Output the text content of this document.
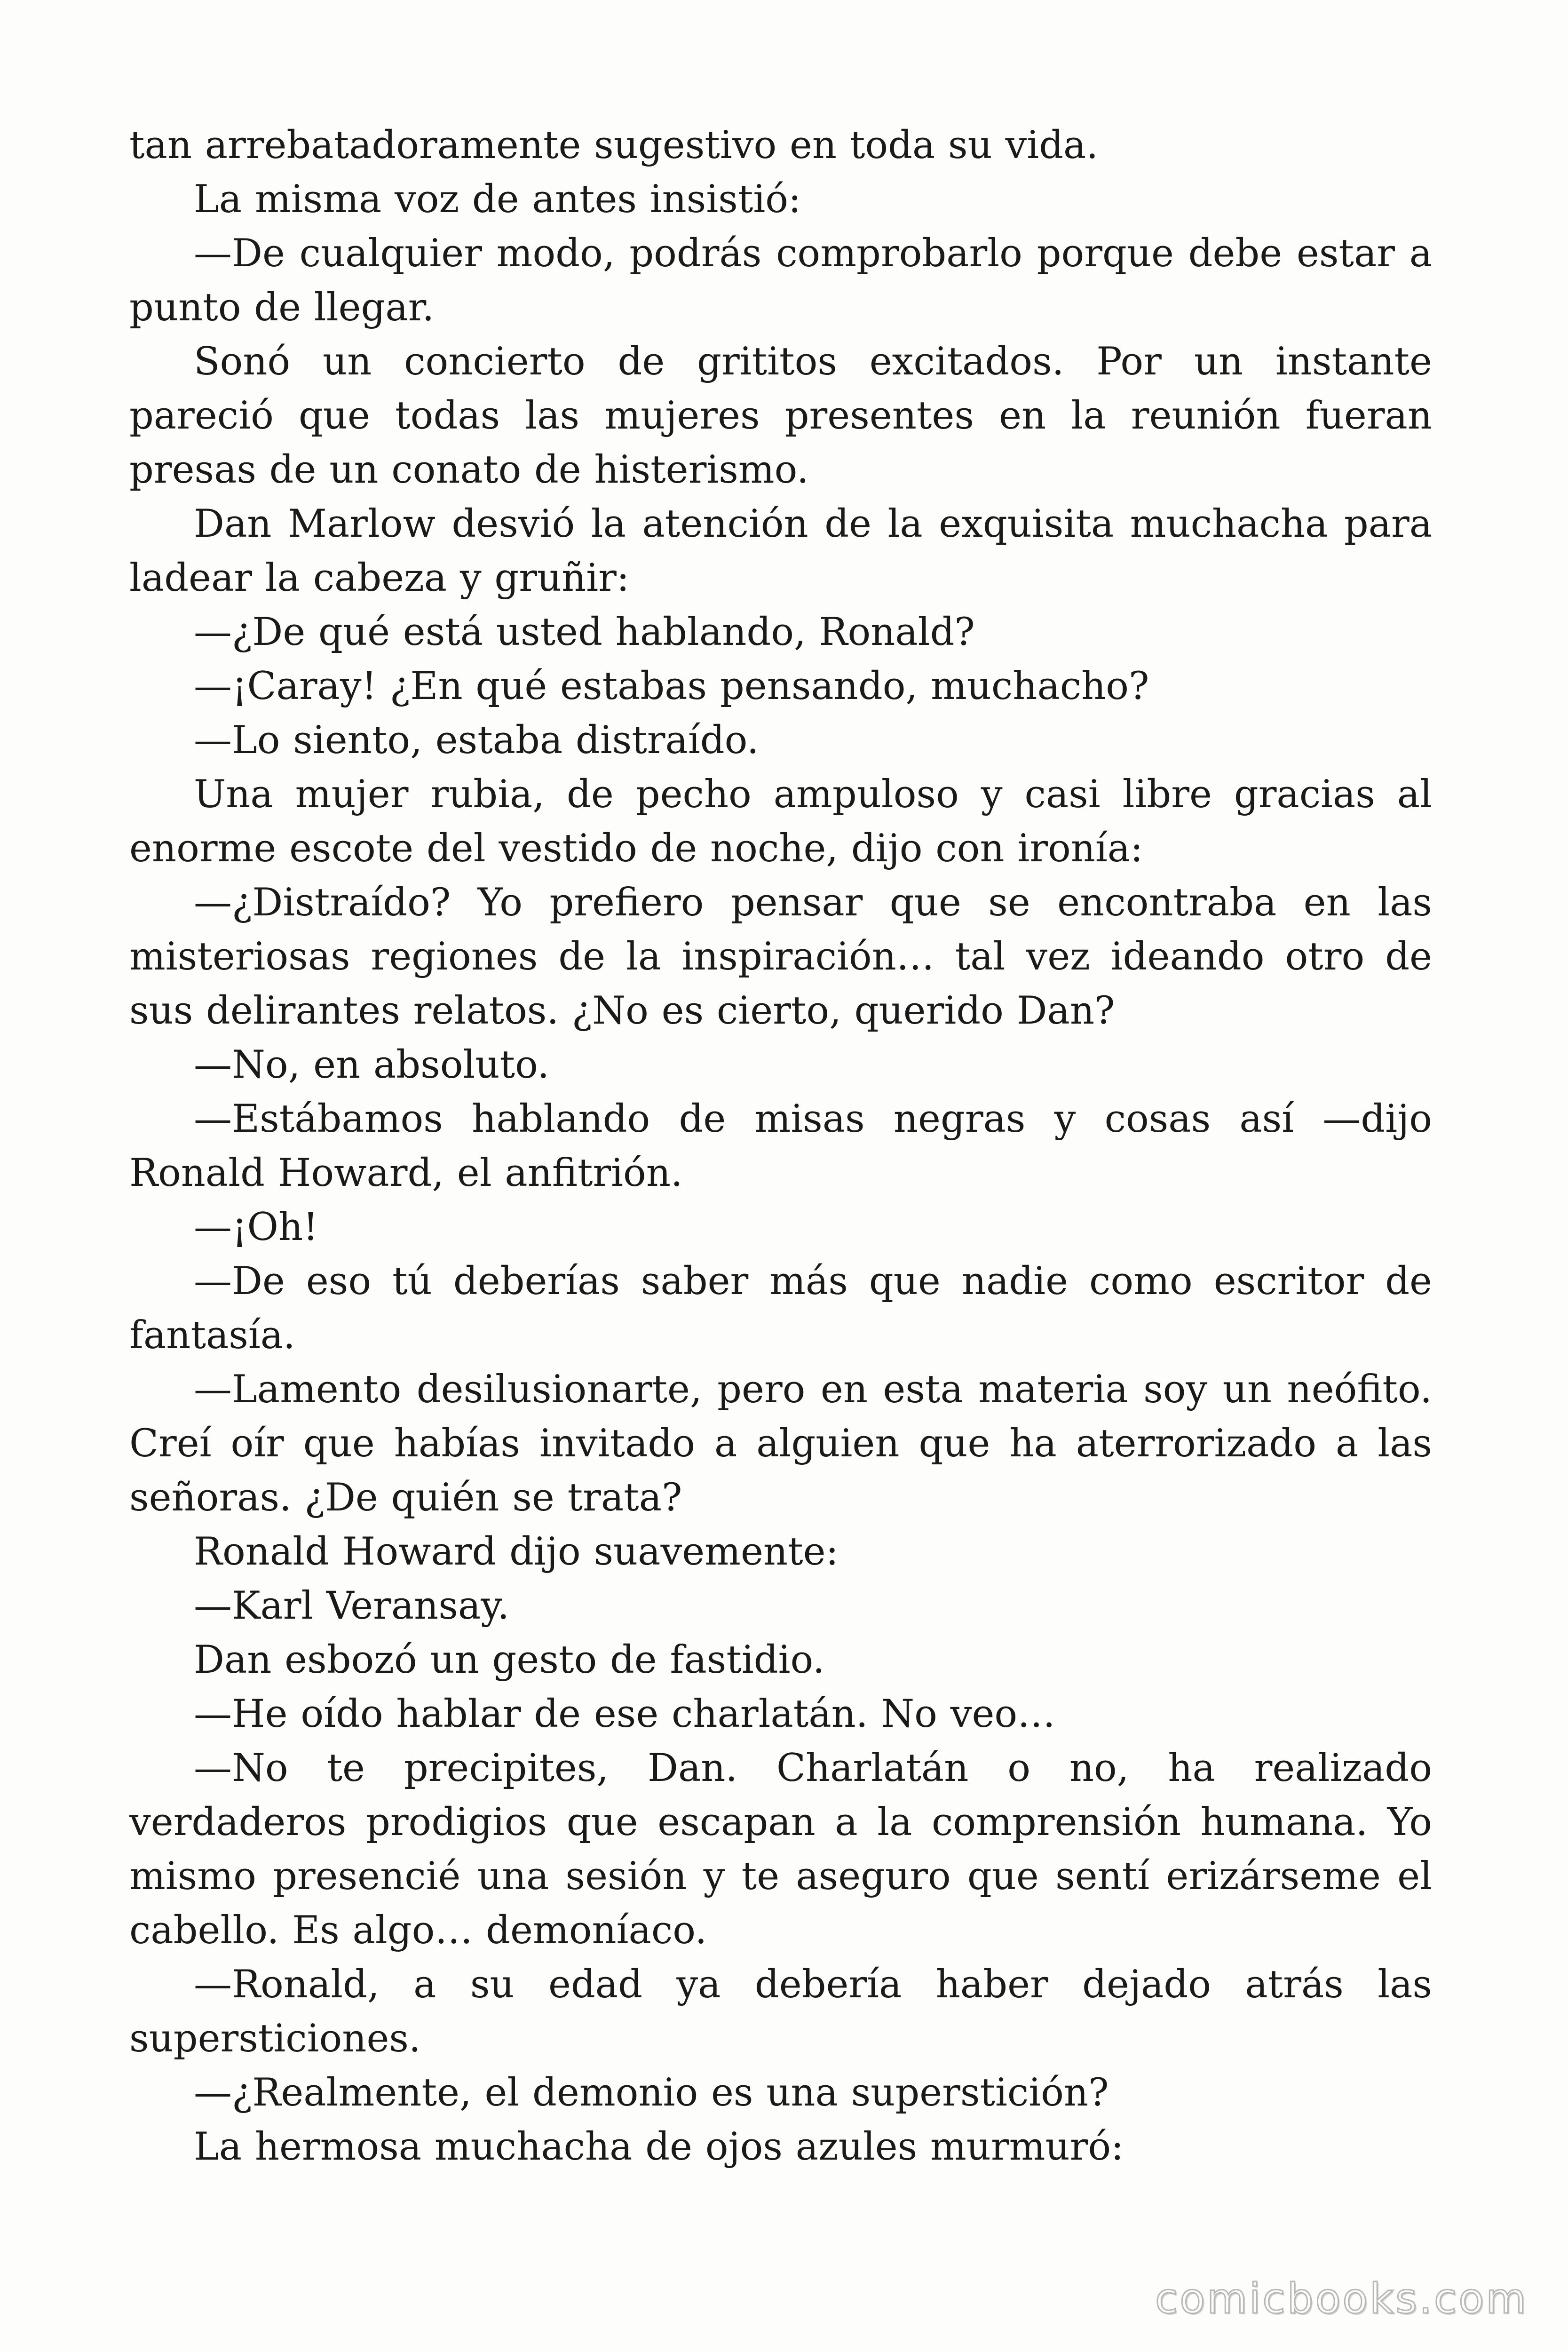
tan arrebatadoramente sugestivo en toda su vida.

La misma voz de antes insistió:

—De cualquier modo, podrás comprobarlo porque debe estar a punto de llegar.

Sonó un concierto de grititos excitados. Por un instante pareció que todas las mujeres presentes en la reunión fueran presas de un conato de histerismo.

Dan Marlow desvió la atención de la exquisita muchacha para ladear la cabeza y gruñir:

—¿De qué está usted hablando, Ronald?

—¡Caray! ¿En qué estabas pensando, muchacho?

—Lo siento, estaba distraído.

Una mujer rubia, de pecho ampuloso y casi libre gracias al enorme escote del vestido de noche, dijo con ironía:

—¿Distraído? Yo prefiero pensar que se encontraba en las misteriosas regiones de la inspiración… tal vez ideando otro de sus delirantes relatos. ¿No es cierto, querido Dan?

—No, en absoluto.

—Estábamos hablando de misas negras y cosas así —dijo Ronald Howard, el anfitrión.

—¡Oh!

—De eso tú deberías saber más que nadie como escritor de fantasía.

—Lamento desilusionarte, pero en esta materia soy un neófito. Creí oír que habías invitado a alguien que ha aterrorizado a las señoras. ¿De quién se trata?

Ronald Howard dijo suavemente:

—Karl Veransay.

Dan esbozó un gesto de fastidio.

—He oído hablar de ese charlatán. No veo…

—No te precipites, Dan. Charlatán o no, ha realizado verdaderos prodigios que escapan a la comprensión humana. Yo mismo presencié una sesión y te aseguro que sentí erizárseme el cabello. Es algo… demoníaco.

—Ronald, a su edad ya debería haber dejado atrás las supersticiones.

—¿Realmente, el demonio es una superstición?

La hermosa muchacha de ojos azules murmuró:

comicbooks.com
